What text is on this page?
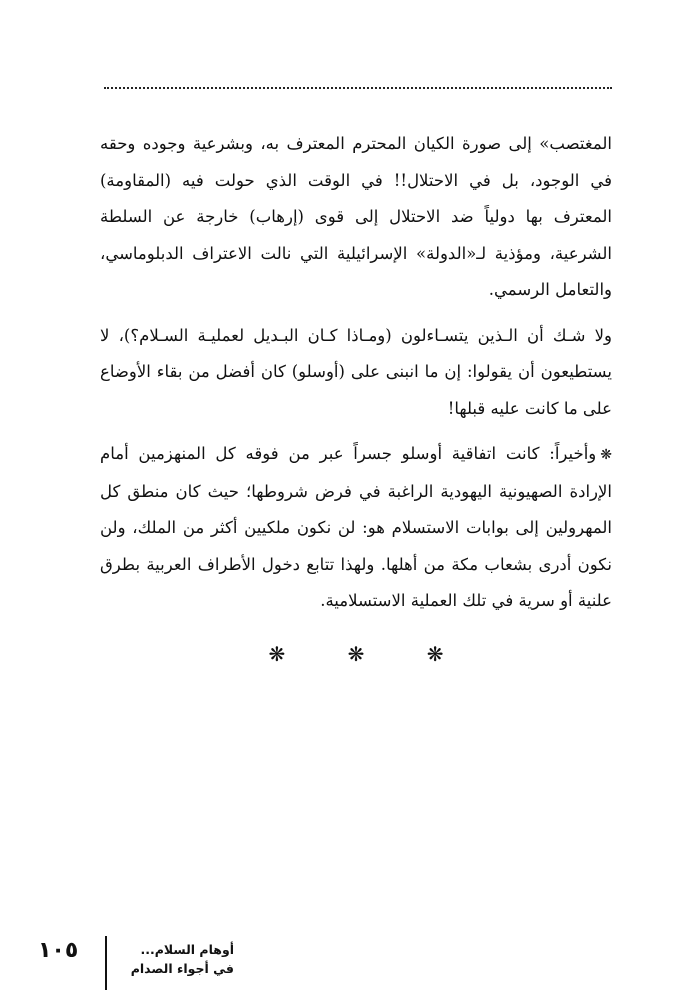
المغتصب» إلى صورة الكيان المحترم المعترف به، وبشرعية وجوده وحقه في الوجود، بل في الاحتلال!! في الوقت الذي حولت فيه (المقاومة) المعترف بها دولياً ضد الاحتلال إلى قوى (إرهاب) خارجة عن السلطة الشرعية، ومؤذية لـ«الدولة» الإسرائيلية التي نالت الاعتراف الدبلوماسي، والتعامل الرسمي.

ولا شـك أن الـذين يتسـاءلون (ومـاذا كـان البـديل لعمليـة السـلام؟)، لا يستطيعون أن يقولوا: إن ما انبنى على (أوسلو) كان أفضل من بقاء الأوضاع على ما كانت عليه قبلها!

❋وأخيراً: كانت اتفاقية أوسلو جسراً عبر من فوقه كل المنهزمين أمام الإرادة الصهيونية اليهودية الراغبة في فرض شروطها؛ حيث كان منطق كل المهرولين إلى بوابات الاستسلام هو: لن نكون ملكيين أكثر من الملك، ولن نكون أدرى بشعاب مكة من أهلها. ولهذا تتابع دخول الأطراف العربية بطرق علنية أو سرية في تلك العملية الاستسلامية.

❋ ❋ ❋
١٠٥	أوهام السلام...
في أجواء الصدام
